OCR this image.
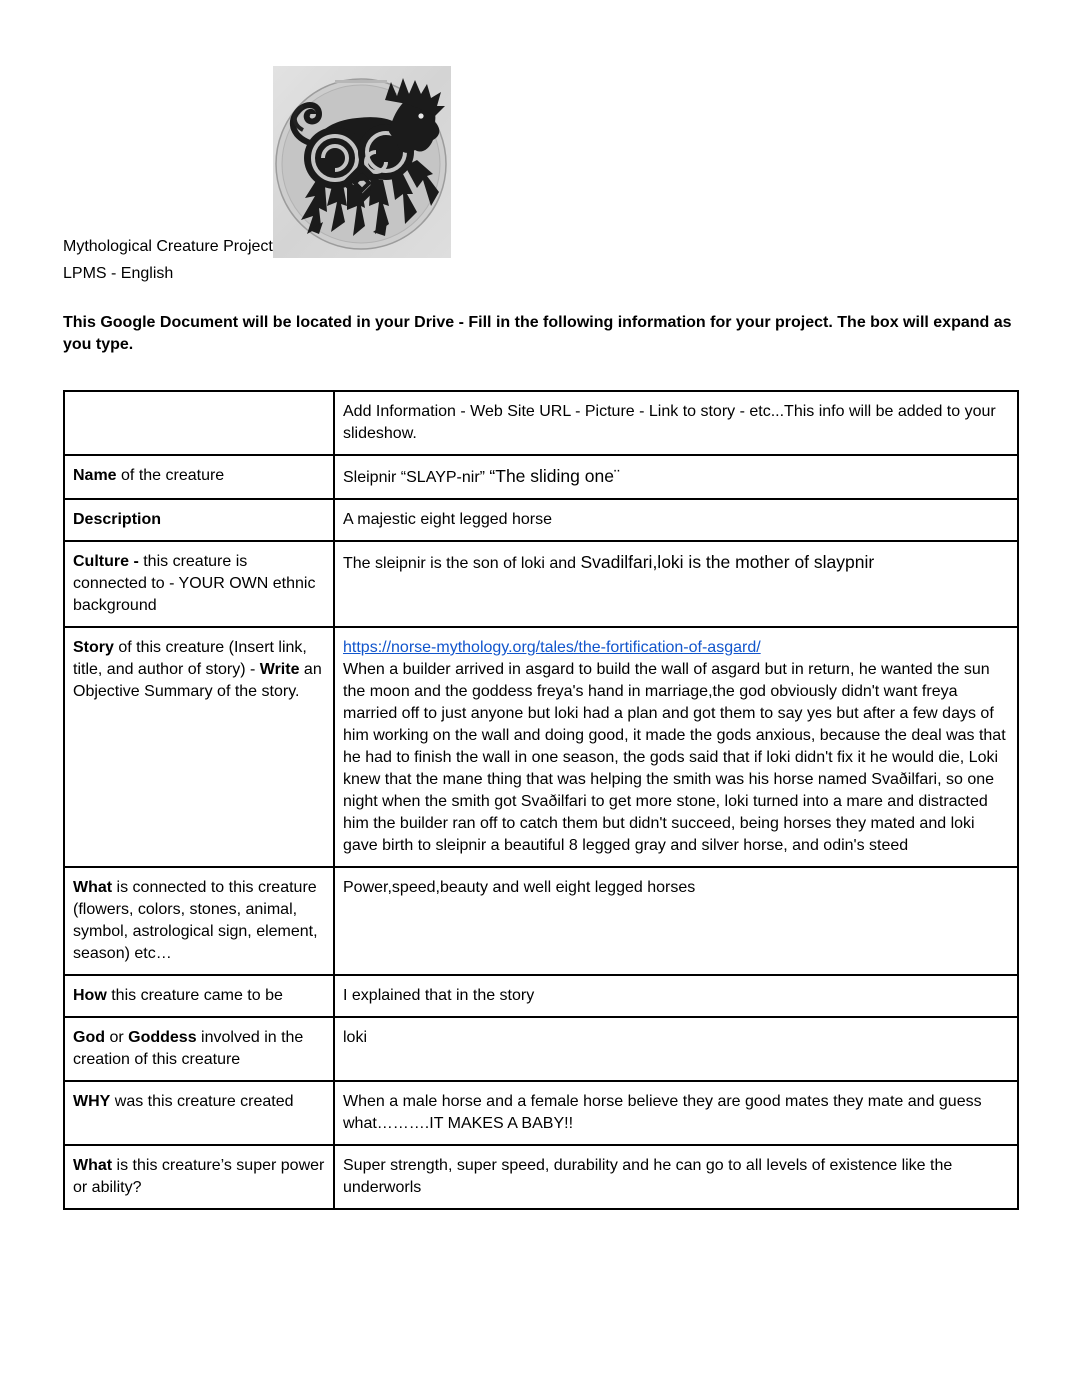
Mythological Creature Project
LPMS - English
This Google Document will be located in your Drive - Fill in the following information for your project. The box will expand as you type.

	Add Information - Web Site URL - Picture - Link to story - etc...This info will be added to your slideshow.

Name of the creature	Sleipnir “SLAYP-nir” “The sliding one¨

Description	A majestic eight legged horse

Culture - this creature is connected to - YOUR OWN ethnic background	The sleipnir is the son of loki and Svadilfari,loki is the mother of slaypnir

Story of this creature (Insert link, title, and author of story) - Write an Objective Summary of the story.	https://norse-mythology.org/tales/the-fortification-of-asgard/
When a builder arrived in asgard to build the wall of asgard but in return, he wanted the sun the moon and the goddess freya's hand in marriage,the god obviously didn't want freya married off to just anyone but loki had a plan and got them to say yes but after a few days of him working on the wall and doing good, it made the gods anxious, because the deal was that he had to finish the wall in one season, the gods said that if loki didn't fix it he would die, Loki knew that the mane thing that was helping the smith was his horse named Svaðilfari, so one night when the smith got Svaðilfari to get more stone, loki turned into a mare and distracted him the builder ran off to catch them but didn't succeed, being horses they mated and loki gave birth to sleipnir a beautiful 8 legged gray and silver horse, and odin's steed

What is connected to this creature (flowers, colors, stones, animal, symbol, astrological sign, element, season) etc…	Power,speed,beauty and well eight legged horses

How this creature came to be	I explained that in the story

God or Goddess involved in the creation of this creature	loki

WHY was this creature created	When a male horse and a female horse believe they are good mates they mate and guess what……….IT MAKES A BABY!!

What is this creature’s super power or ability?	Super strength, super speed, durability and he can go to all levels of existence like the underworls
